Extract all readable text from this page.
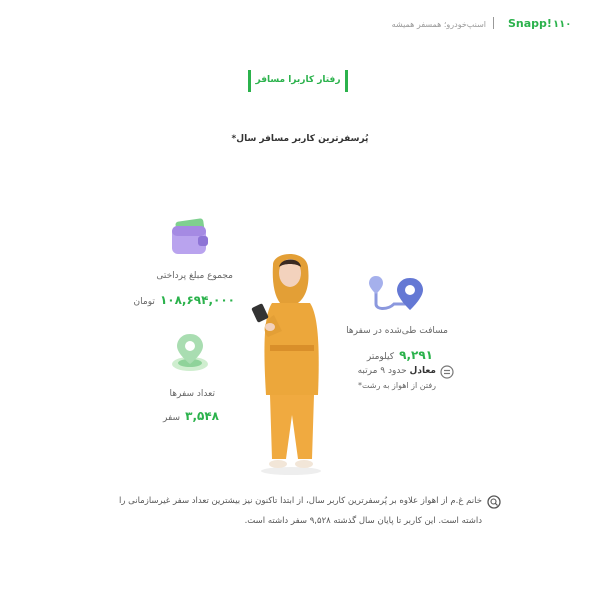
۱۱۰
Snapp!
اسنپ‌خودرو؛ همسفر همیشه
رفتار کاربرا مسافر
پُرسفرترین کاربر مسافر سال*
مجموع مبلغ پرداختی
۱۰۸,۶۹۴,۰۰۰ تومان
تعداد سفرها
۳,۵۴۸ سفر
مسافت طی‌شده در سفرها
۹,۲۹۱ کیلومتر
معادل حدود ۹ مرتبه
رفتن از اهواز به رشت*
خانم غ.م از اهواز علاوه بر پُرسفرترین کاربر سال، از ابتدا تاکنون نیز بیشترین تعداد سفر غیرسازمانی را
داشته است. این کاربر تا پایان سال گذشته ۹,۵۲۸ سفر داشته است.
